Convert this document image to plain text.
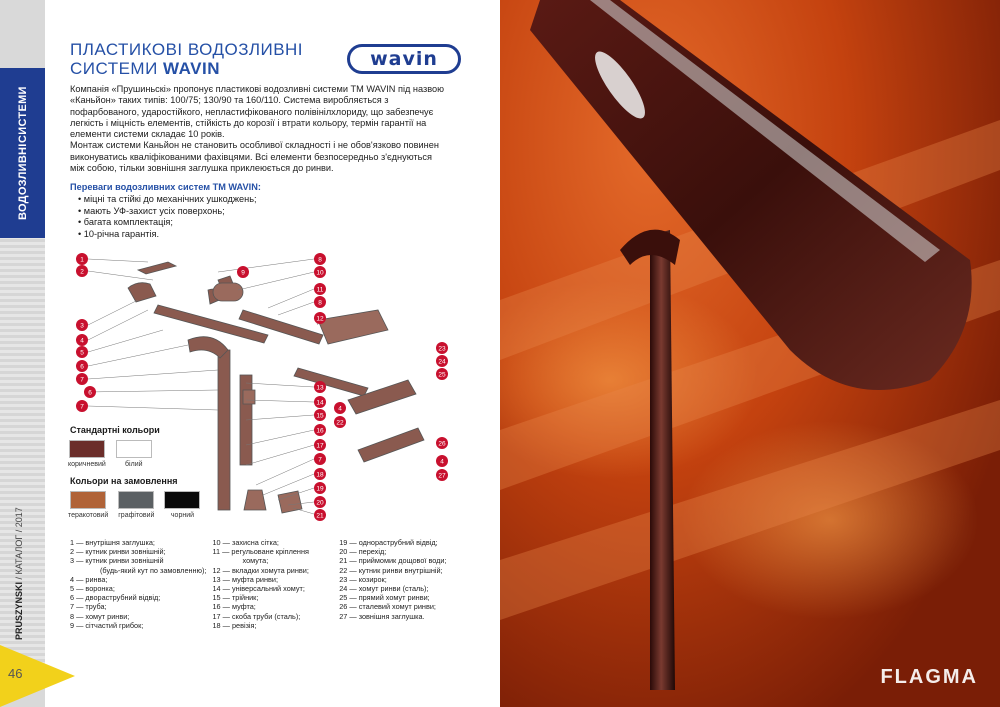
ВОДОЗЛИВНІ

СИСТЕМИ
PRUSZYNSKI / КАТАЛОГ / 2017
46
ПЛАСТИКОВІ ВОДОЗЛИВНІ
СИСТЕМИ WAVIN	wavin

Компанія «Прушиньскі» пропонує пластикові водозливні системи ТМ WAVIN під назвою «Каньйон» таких типів: 100/75; 130/90 та 160/110. Система виробляється з пофарбованого, ударостійкого, непластифікованого полівінілхлориду, що забезпечує легкість і міцність елементів, стійкість до корозії і втрати кольору, термін гарантії на елементи системи складає 10 років.

Монтаж системи Каньйон не становить особливої складності і не обов'язково повинен виконуватись кваліфікованими фахівцями. Всі елементи безпосередньо з'єднуються між собою, тільки зовнішня заглушка приклеюється до ринви.

Переваги водозливних систем ТМ WAVIN:
• міцні та стійкі до механічних ушкоджень;
• мають УФ-захист усіх поверхонь;
• багата комплектація;
• 10-річна гарантія.
1
2
3
4
5
6
7
6
7
8
10
11
8
12
13
14
15
16
17
7
18
19
20
21
9
23
24
25
4
22
26
4
27
Стандартні кольори
коричневий	білий
Кольори на замовлення
теракотовий графітовий чорний
1 — внутрішня заглушка;
2 — кутник ринви зовнішній;
3 — кутник ринви зовнішній
(будь-який кут по замовленню);
4 — ринва;
5 — воронка;
6 — двораструбний відвід;
7 — труба;
8 — хомут ринви;
9 — сітчастий грибок;
10 — захисна сітка;
11 — регульоване кріплення
хомута;
12 — вкладки хомута ринви;
13 — муфта ринви;
14 — універсальний хомут;
15 — трійник;
16 — муфта;
17 — скоба труби (сталь);
18 — ревізія;
19 — однораструбний відвід;
20 — перехід;
21 — приймомик дощової води;
22 — кутник ринви внутрішній;
23 — козирок;
24 — хомут ринви (сталь);
25 — прямий хомут ринви;
26 — сталевий хомут ринви;
27 — зовнішня заглушка.
FLAGMA
